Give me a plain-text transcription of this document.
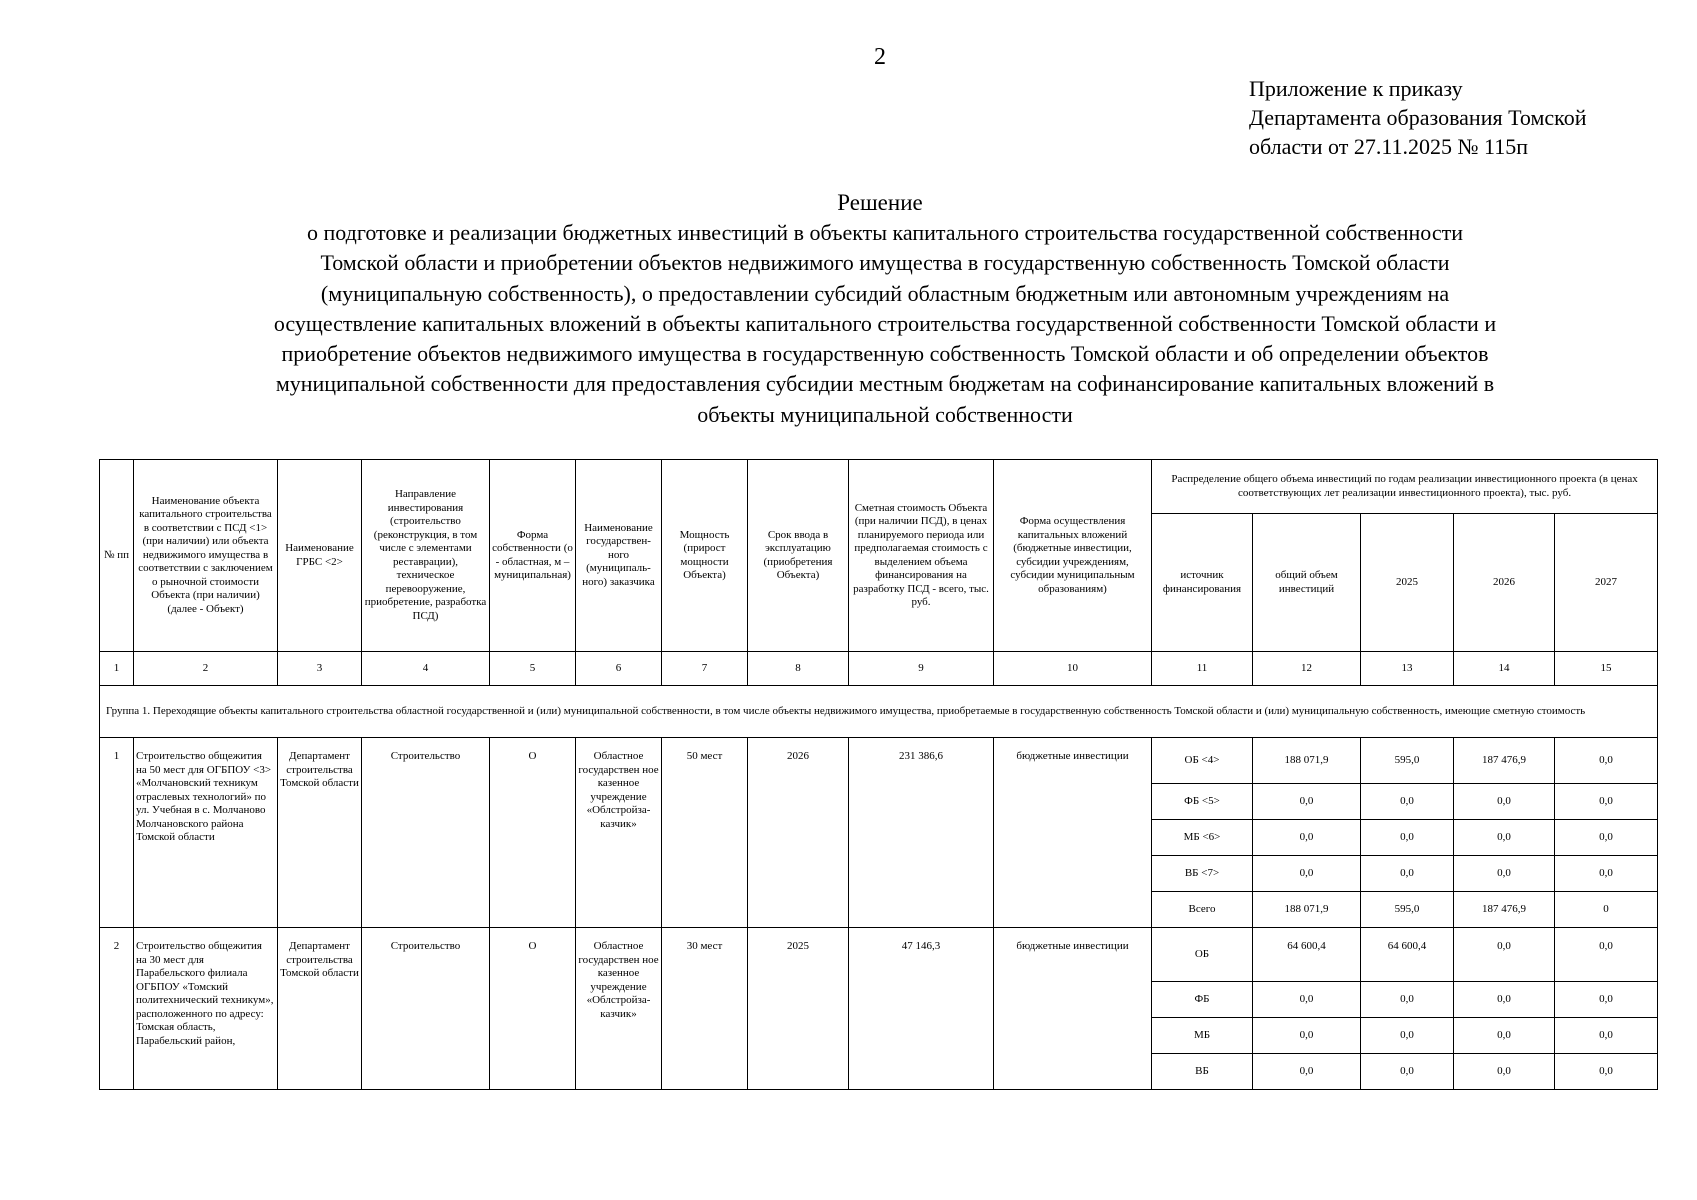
2
Приложение к приказу
Департамента образования Томской
области от 27.11.2025 № 115п
Решение
о подготовке и реализации бюджетных инвестиций в объекты капитального строительства государственной собственности
Томской области и приобретении объектов недвижимого имущества в государственную собственность Томской области
(муниципальную собственность), о предоставлении субсидий областным бюджетным или автономным учреждениям на
осуществление капитальных вложений в объекты капитального строительства государственной собственности Томской области и
приобретение объектов недвижимого имущества в государственную собственность Томской области и об определении объектов
муниципальной собственности для предоставления субсидии местным бюджетам на софинансирование капитальных вложений в
объекты муниципальной собственности
№ пп	Наименование объекта капитального строительства в соответствии с ПСД <1> (при наличии) или объекта недвижимого имущества в соответствии с заключением о рыночной стоимости Объекта (при наличии) (далее - Объект)	Наименование ГРБС <2>	Направление инвестирования (строительство (реконструкция, в том числе с элементами реставрации), техническое перевооружение, приобретение, разработка ПСД)	Форма собственности (о - областная, м – муниципальная)	Наименование государствен-ного (муниципаль-ного) заказчика	Мощность (прирост мощности Объекта)	Срок ввода в эксплуатацию (приобретения Объекта)	Сметная стоимость Объекта (при наличии ПСД), в ценах планируемого периода или предполагаемая стоимость с выделением объема финансирования на разработку ПСД - всего, тыс. руб.	Форма осуществления капитальных вложений (бюджетные инвестиции, субсидии учреждениям, субсидии муниципальным образованиям)	Распределение общего объема инвестиций по годам реализации инвестиционного проекта (в ценах соответствующих лет реализации инвестиционного проекта), тыс. руб.				
										источник финансирования	общий объем инвестиций	2025	2026	2027
1	2	3	4	5	6	7	8	9	10	11	12	13	14	15
Группа 1. Переходящие объекты капитального строительства областной государственной и (или) муниципальной собственности, в том числе объекты недвижимого имущества, приобретаемые в государственную собственность Томской области и (или) муниципальную собственность, имеющие сметную стоимость														
1	Строительство общежития на 50 мест для ОГБПОУ <3> «Молчановский техникум отраслевых технологий» по ул. Учебная в с. Молчаново Молчановского района Томской области	Департамент строительства Томской области	Строительство	О	Областное государствен ное казенное учреждение «Облстройза-казчик»	50 мест	2026	231 386,6	бюджетные инвестиции	ОБ <4>	188 071,9	595,0	187 476,9	0,0
										ФБ <5>	0,0	0,0	0,0	0,0
										МБ <6>	0,0	0,0	0,0	0,0
										ВБ <7>	0,0	0,0	0,0	0,0
										Всего	188 071,9	595,0	187 476,9	0
2	Строительство общежития на 30 мест для Парабельского филиала ОГБПОУ «Томский политехнический техникум», расположенного по адресу: Томская область, Парабельский район,	Департамент строительства Томской области	Строительство	О	Областное государствен ное казенное учреждение «Облстройза-казчик»	30 мест	2025	47 146,3	бюджетные инвестиции	ОБ	64 600,4	64 600,4	0,0	0,0
										ФБ	0,0	0,0	0,0	0,0
										МБ	0,0	0,0	0,0	0,0
										ВБ	0,0	0,0	0,0	0,0
